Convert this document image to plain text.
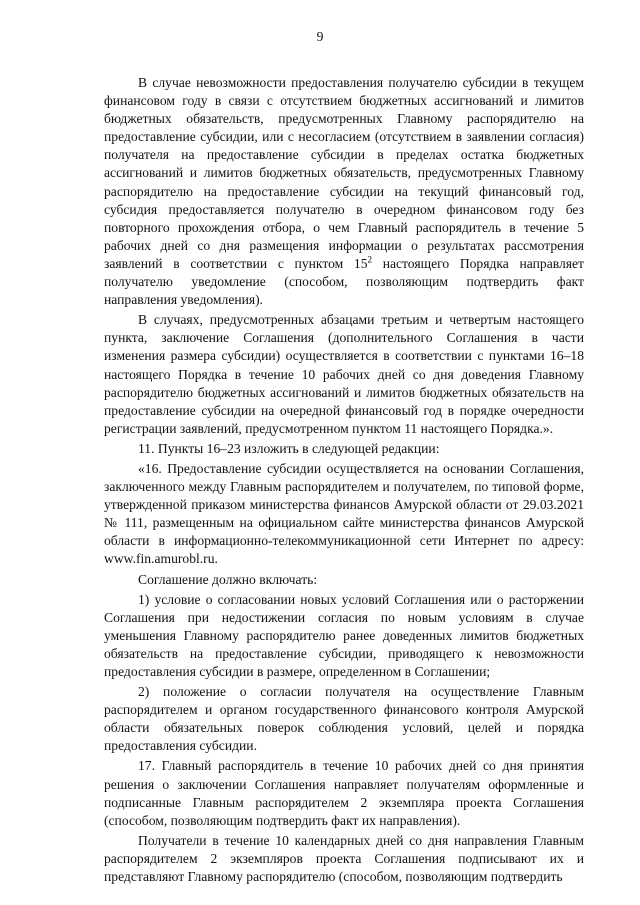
9

В случае невозможности предоставления получателю субсидии в текущем финансовом году в связи с отсутствием бюджетных ассигнований и лимитов бюджетных обязательств, предусмотренных Главному распорядителю на предоставление субсидии, или с несогласием (отсутствием в заявлении согласия) получателя на предоставление субсидии в пределах остатка бюджетных ассигнований и лимитов бюджетных обязательств, предусмотренных Главному распорядителю на предоставление субсидии на текущий финансовый год, субсидия предоставляется получателю в очередном финансовом году без повторного прохождения отбора, о чем Главный распорядитель в течение 5 рабочих дней со дня размещения информации о результатах рассмотрения заявлений в соответствии с пунктом $15^2$ настоящего Порядка направляет получателю уведомление (способом, позволяющим подтвердить факт направления уведомления).

В случаях, предусмотренных абзацами третьим и четвертым настоящего пункта, заключение Соглашения (дополнительного Соглашения в части изменения размера субсидии) осуществляется в соответствии с пунктами 16–18 настоящего Порядка в течение 10 рабочих дней со дня доведения Главному распорядителю бюджетных ассигнований и лимитов бюджетных обязательств на предоставление субсидии на очередной финансовый год в порядке очередности регистрации заявлений, предусмотренном пунктом 11 настоящего Порядка.».

11. Пункты 16–23 изложить в следующей редакции:

«16. Предоставление субсидии осуществляется на основании Соглашения, заключенного между Главным распорядителем и получателем, по типовой форме, утвержденной приказом министерства финансов Амурской области от 29.03.2021 № 111, размещенным на официальном сайте министерства финансов Амурской области в информационно-телекоммуникационной сети Интернет по адресу: www.fin.amurobl.ru.

Соглашение должно включать:

1) условие о согласовании новых условий Соглашения или о расторжении Соглашения при недостижении согласия по новым условиям в случае уменьшения Главному распорядителю ранее доведенных лимитов бюджетных обязательств на предоставление субсидии, приводящего к невозможности предоставления субсидии в размере, определенном в Соглашении;

2) положение о согласии получателя на осуществление Главным распорядителем и органом государственного финансового контроля Амурской области обязательных поверок соблюдения условий, целей и порядка предоставления субсидии.

17. Главный распорядитель в течение 10 рабочих дней со дня принятия решения о заключении Соглашения направляет получателям оформленные и подписанные Главным распорядителем 2 экземпляра проекта Соглашения (способом, позволяющим подтвердить факт их направления).

Получатели в течение 10 календарных дней со дня направления Главным распорядителем 2 экземпляров проекта Соглашения подписывают их и представляют Главному распорядителю (способом, позволяющим подтвердить
